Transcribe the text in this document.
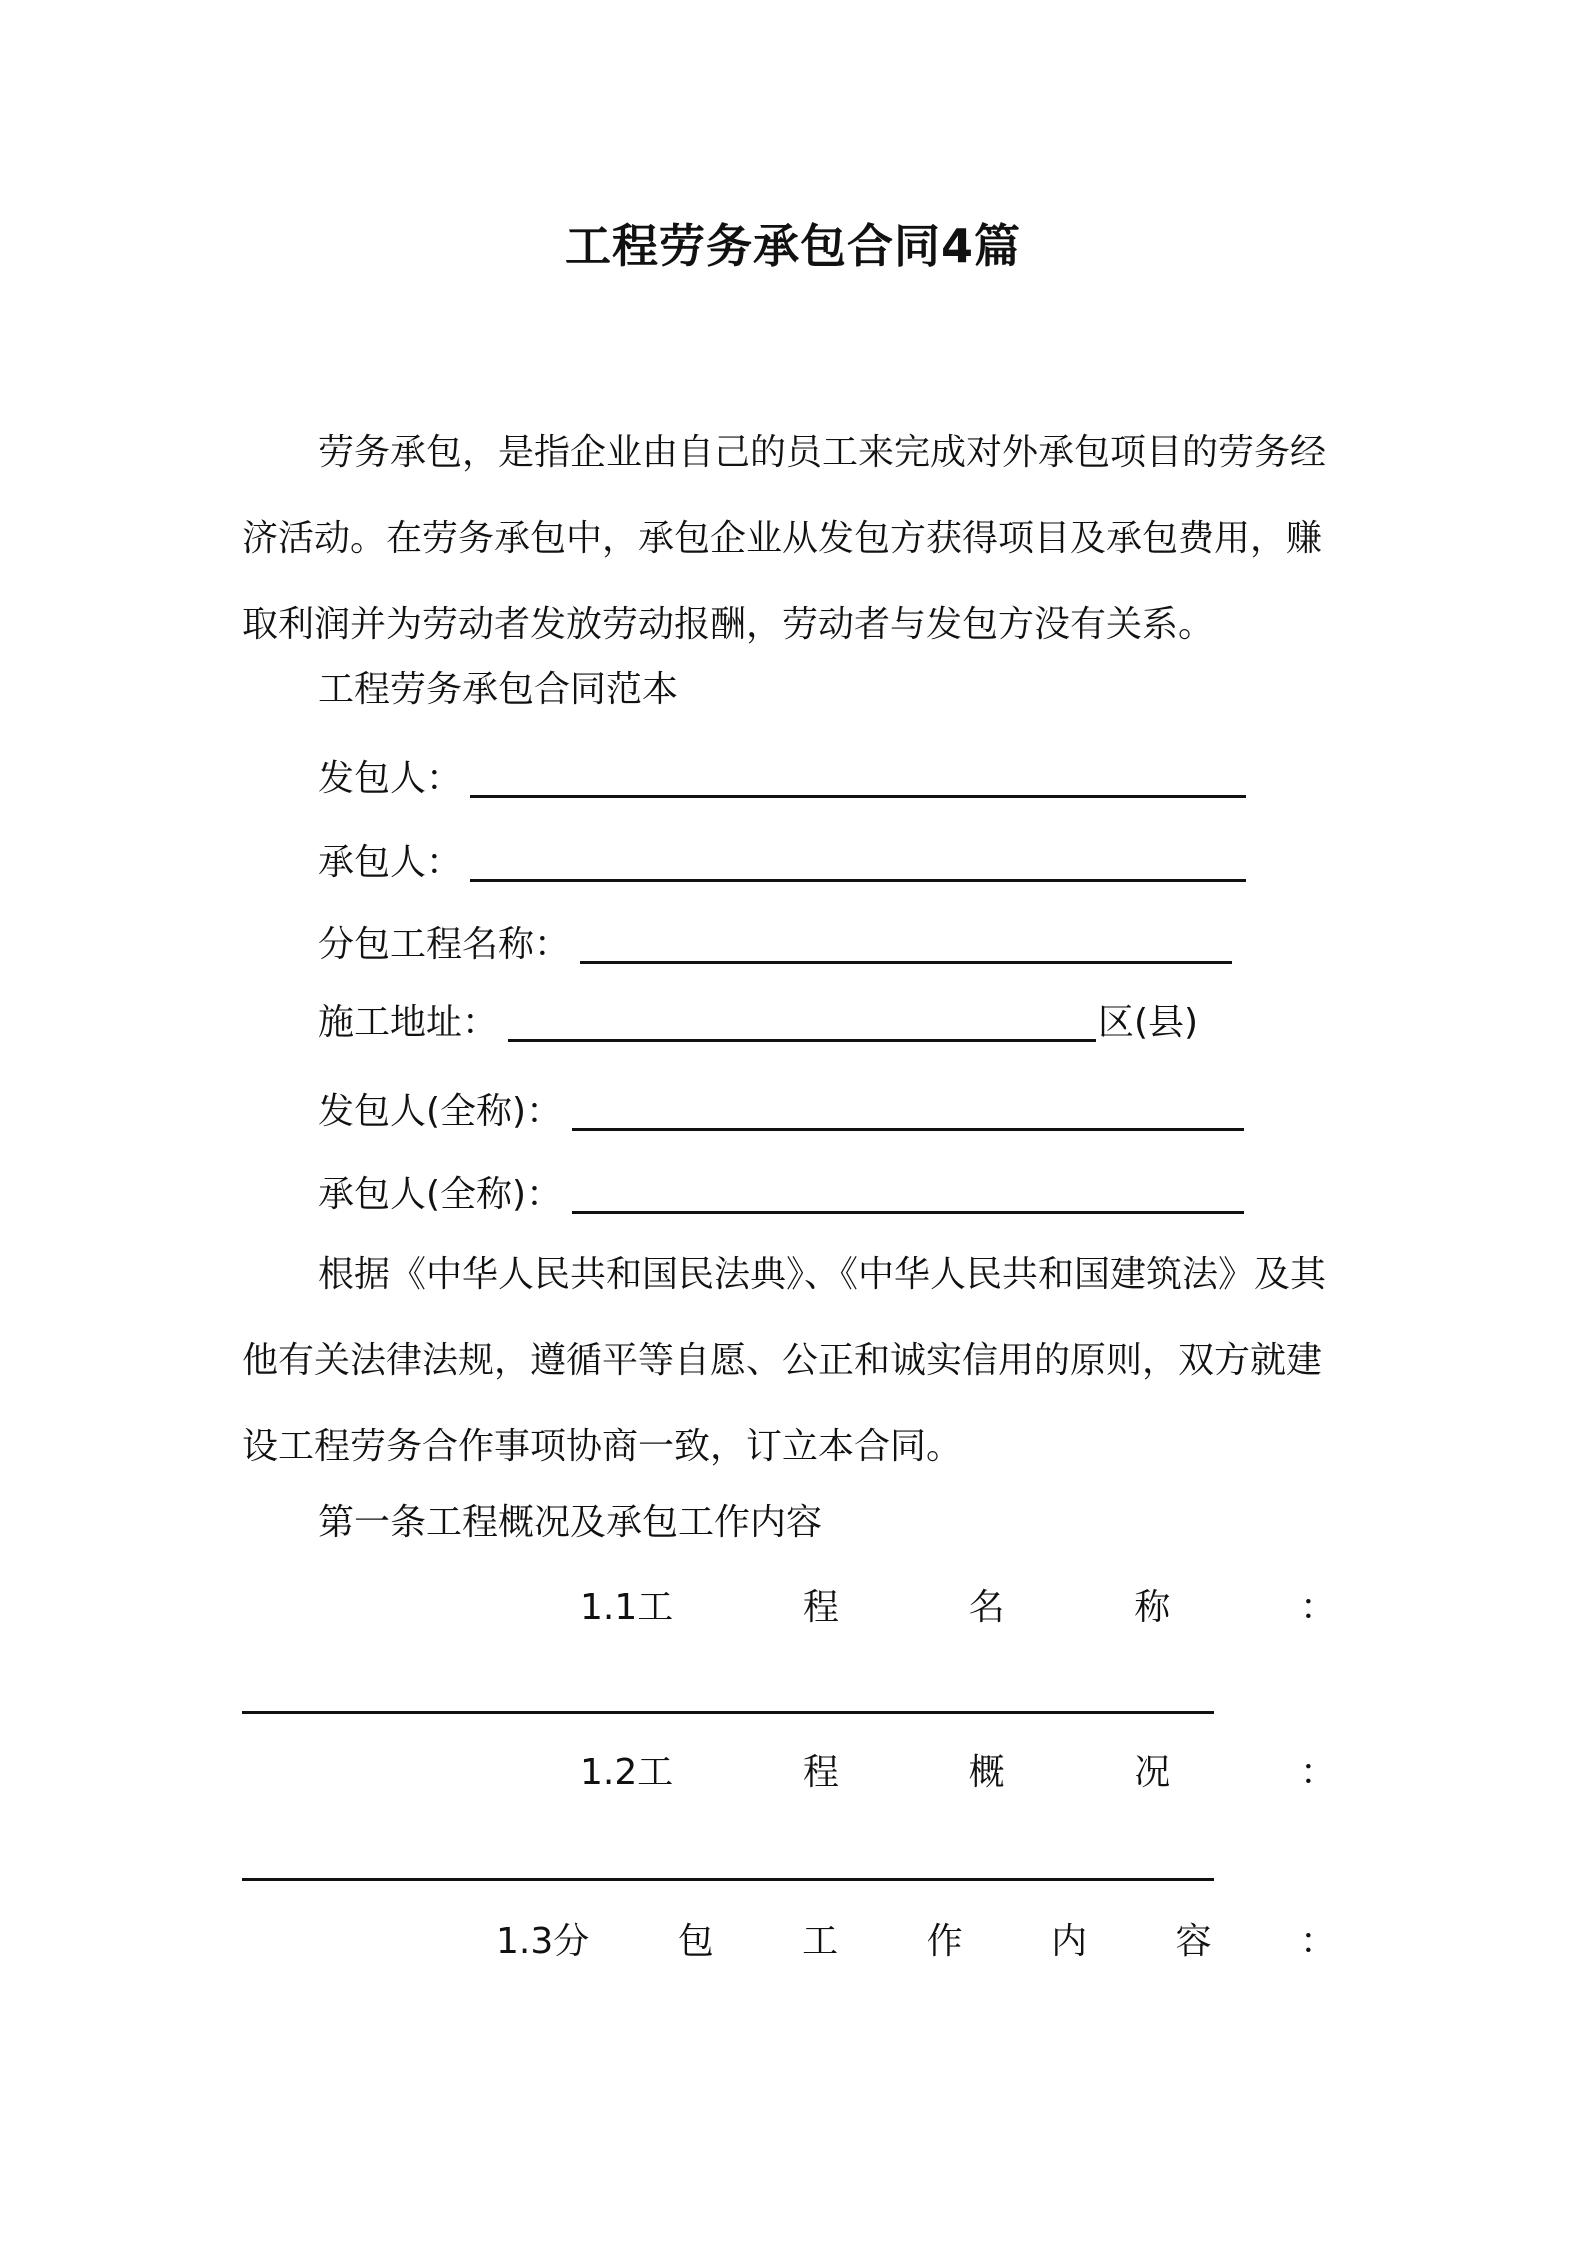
工程劳务承包合同4篇
劳务承包，是指企业由自己的员工来完成对外承包项目的劳务经济活动。在劳务承包中，承包企业从发包方获得项目及承包费用，赚取利润并为劳动者发放劳动报酬，劳动者与发包方没有关系。
工程劳务承包合同范本
发包人：
承包人：
分包工程名称：
施工地址：	区(县)
发包人(全称)：
承包人(全称)：
根据《中华人民共和国民法典》、《中华人民共和国建筑法》及其他有关法律法规，遵循平等自愿、公正和诚实信用的原则，双方就建设工程劳务合作事项协商一致，订立本合同。
第一条工程概况及承包工作内容
1.1工	程	名	称	：
1.2工	程	概	况	：
1.3分 包 工 作 内 容 ：
